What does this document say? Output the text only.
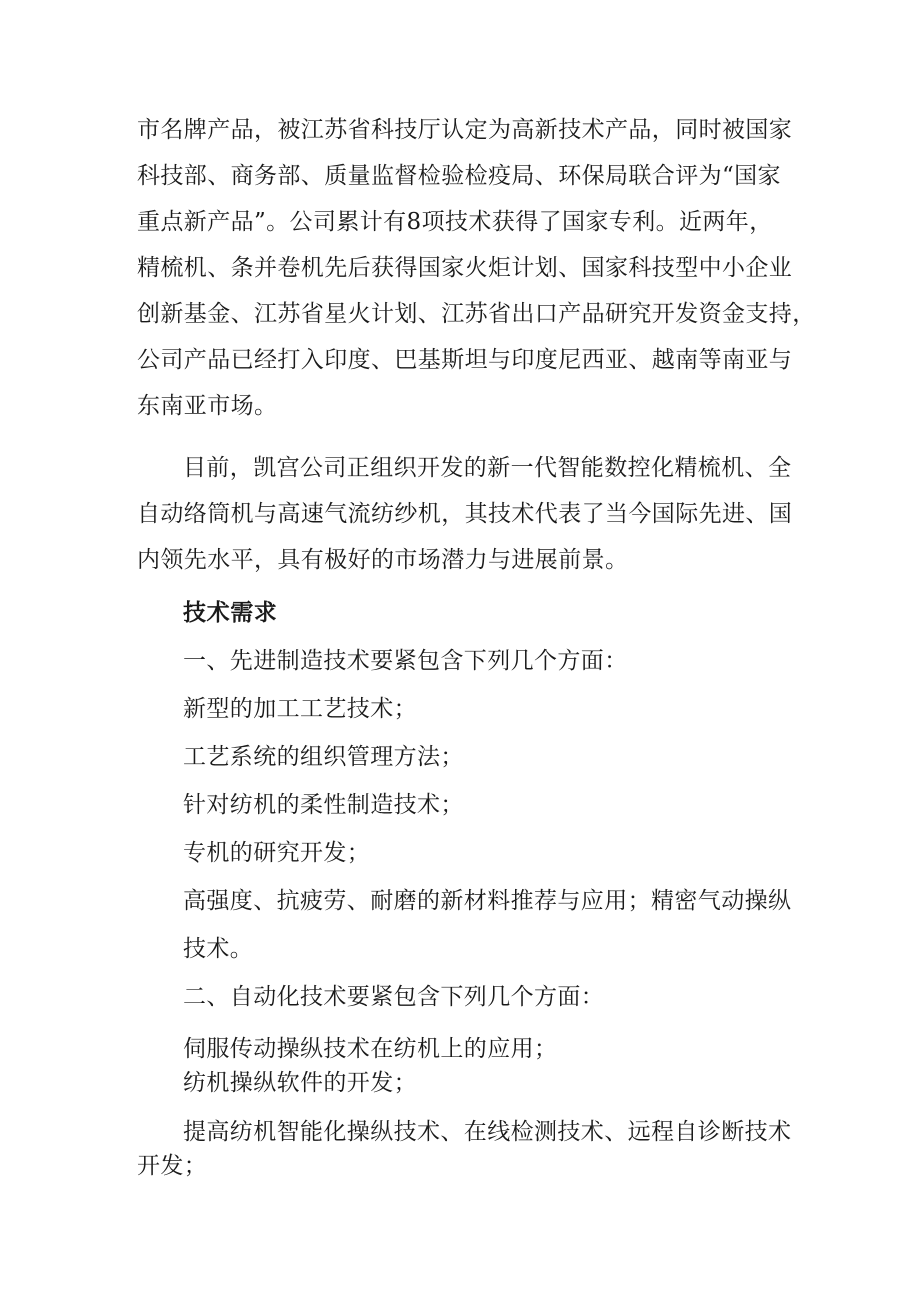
市名牌产品，被江苏省科技厅认定为高新技术产品，同时被国家
科技部、商务部、质量监督检验检疫局、环保局联合评为“国家
重点新产品”。公司累计有8项技术获得了国家专利。近两年，
精梳机、条并卷机先后获得国家火炬计划、国家科技型中小企业
创新基金、江苏省星火计划、江苏省出口产品研究开发资金支持，
公司产品已经打入印度、巴基斯坦与印度尼西亚、越南等南亚与
东南亚市场。
目前，凯宫公司正组织开发的新一代智能数控化精梳机、全
自动络筒机与高速气流纺纱机，其技术代表了当今国际先进、国
内领先水平，具有极好的市场潜力与进展前景。
技术需求

一、先进制造技术要紧包含下列几个方面：

新型的加工工艺技术；

工艺系统的组织管理方法；

针对纺机的柔性制造技术；

专机的研究开发；

高强度、抗疲劳、耐磨的新材料推荐与应用；精密气动操纵

技术。

二、自动化技术要紧包含下列几个方面：

伺服传动操纵技术在纺机上的应用；

纺机操纵软件的开发；

提高纺机智能化操纵技术、在线检测技术、远程自诊断技术
开发；
